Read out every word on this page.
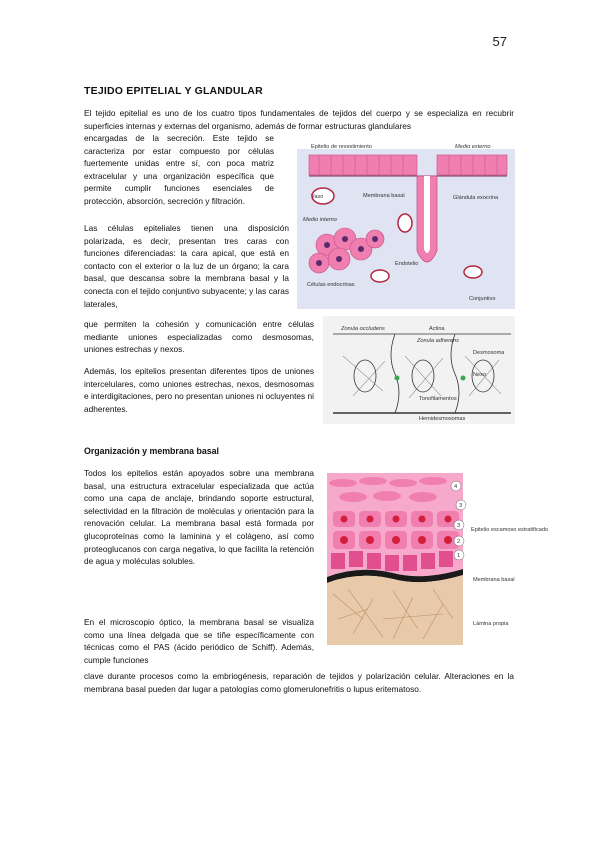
57
TEJIDO EPITELIAL Y GLANDULAR

El tejido epitelial es uno de los cuatro tipos fundamentales de tejidos del cuerpo y se especializa en recubrir superficies internas y externas del organismo, además de formar estructuras glandulares

encargadas de la secreción. Este tejido se caracteriza por estar compuesto por células fuertemente unidas entre sí, con poca matriz extracelular y una organización específica que permite cumplir funciones esenciales de protección, absorción, secreción y filtración.

Las células epiteliales tienen una disposición polarizada, es decir, presentan tres caras con funciones diferenciadas: la cara apical, que está en contacto con el exterior o la luz de un órgano; la cara basal, que descansa sobre la membrana basal y la conecta con el tejido conjuntivo subyacente; y las caras laterales,

que permiten la cohesión y comunicación entre células mediante uniones especializadas como desmosomas, uniones estrechas y nexos.

Además, los epitelios presentan diferentes tipos de uniones intercelulares, como uniones estrechas, nexos, desmosomas e interdigitaciones, pero no presentan uniones ni ocluyentes ni adherentes.

Organización y membrana basal

Todos los epitelios están apoyados sobre una membrana basal, una estructura extracelular especializada que actúa como una capa de anclaje, brindando soporte estructural, selectividad en la filtración de moléculas y orientación para la renovación celular. La membrana basal está formada por glucoproteínas como la laminina y el colágeno, así como proteoglucanos con carga negativa, lo que facilita la retención de agua y moléculas solubles.

En el microscopio óptico, la membrana basal se visualiza como una línea delgada que se tiñe específicamente con técnicas como el PAS (ácido periódico de Schiff). Además, cumple funciones

clave durante procesos como la embriogénesis, reparación de tejidos y polarización celular. Alteraciones en la membrana basal pueden dar lugar a patologías como glomerulonefritis o lupus eritematoso.

Epitelio de revestimiento	Medio externo
Vaso	Membrana basal	Glándula exocrina
Medio interno
Endotelio
Células endocrinas
Conjuntivo
Zonula occludens	Actina
Zonula adherens
Desmosoma
Nexo
Tonofilamentos
Hemidesmosomas
4
3
3
2
1
Epitelio escamoso estratificado
Membrana basal
Lámina propia
